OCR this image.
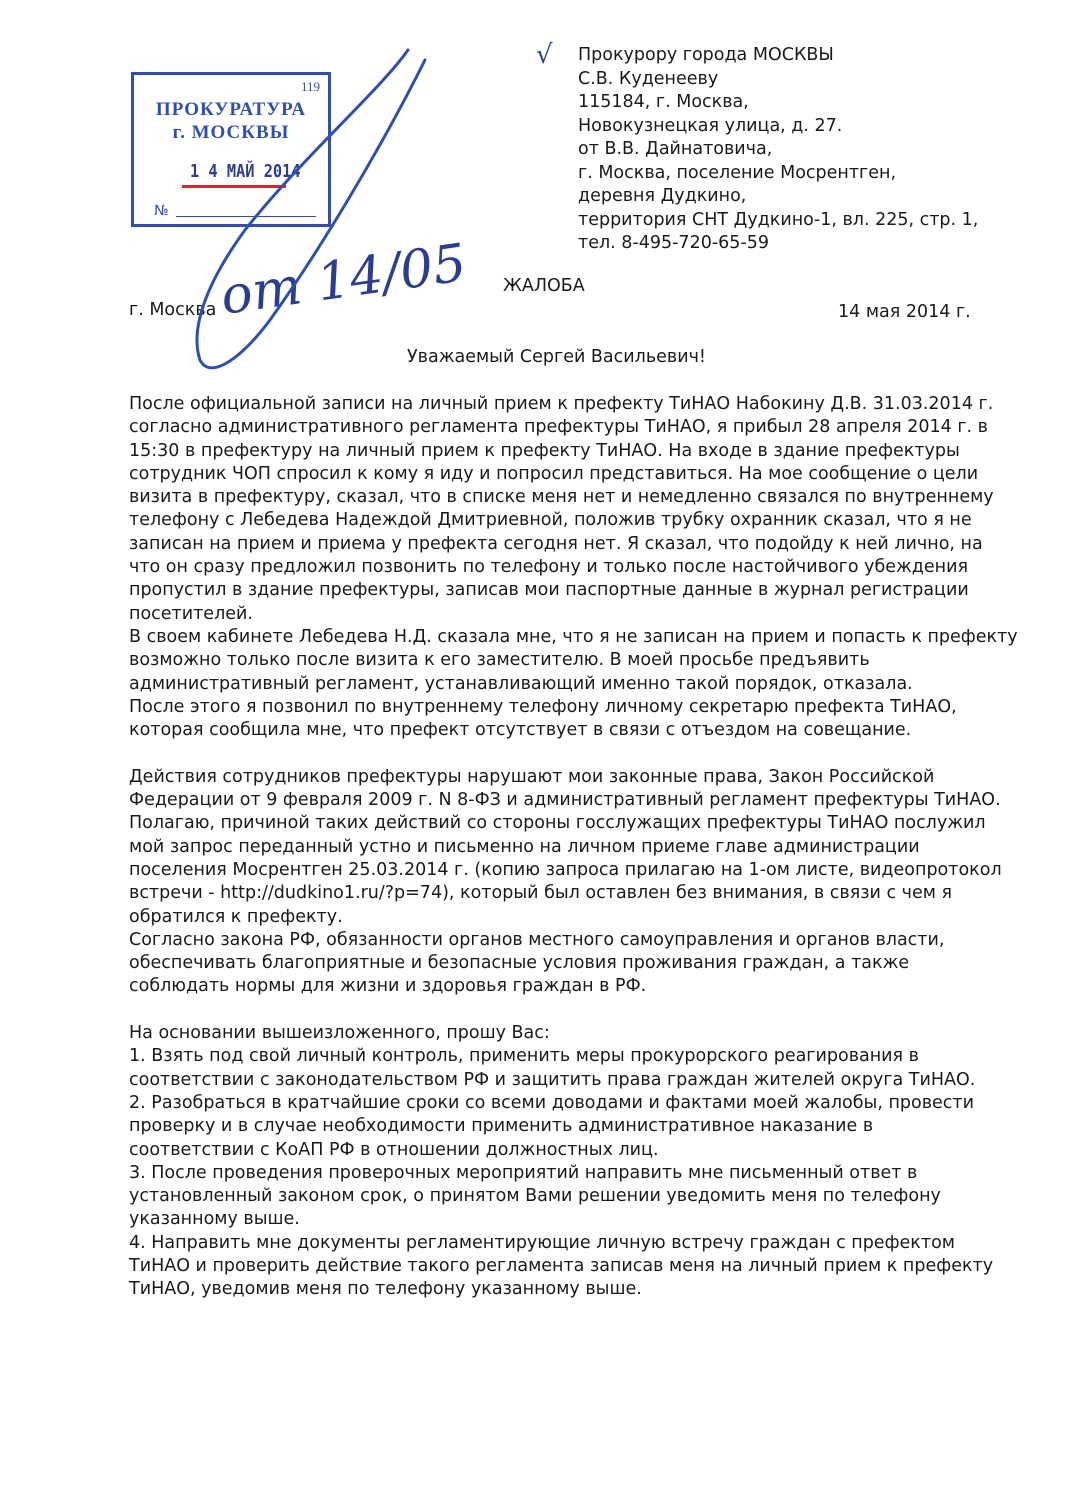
119
ПРОКУРАТУРА
г. МОСКВЫ
1 4 МАЙ 2014
№
√ Прокурору города МОСКВЫ
С.В. Куденееву
115184, г. Москва,
Новокузнецкая улица, д. 27.
от В.В. Дайнатовича,
г. Москва, поселение Мосрентген,
деревня Дудкино,
территория СНТ Дудкино-1, вл. 225, стр. 1,
тел. 8-495-720-65-59
от 14/05 ЖАЛОБА
г. Москва	14 мая 2014 г.
Уважаемый Сергей Васильевич!
После официальной записи на личный прием к префекту ТиНАО Набокину Д.В. 31.03.2014 г.
согласно административного регламента префектуры ТиНАО, я прибыл 28 апреля 2014 г. в
15:30 в префектуру на личный прием к префекту ТиНАО. На входе в здание префектуры
сотрудник ЧОП спросил к кому я иду и попросил представиться. На мое сообщение о цели
визита в префектуру, сказал, что в списке меня нет и немедленно связался по внутреннему
телефону с Лебедева Надеждой Дмитриевной, положив трубку охранник сказал, что я не
записан на прием и приема у префекта сегодня нет. Я сказал, что подойду к ней лично, на
что он сразу предложил позвонить по телефону и только после настойчивого убеждения
пропустил в здание префектуры, записав мои паспортные данные в журнал регистрации
посетителей.
В своем кабинете Лебедева Н.Д. сказала мне, что я не записан на прием и попасть к префекту
возможно только после визита к его заместителю. В моей просьбе предъявить
административный регламент, устанавливающий именно такой порядок, отказала.
После этого я позвонил по внутреннему телефону личному секретарю префекта ТиНАО,
которая сообщила мне, что префект отсутствует в связи с отъездом на совещание.
Действия сотрудников префектуры нарушают мои законные права, Закон Российской
Федерации от 9 февраля 2009 г. N 8-ФЗ и административный регламент префектуры ТиНАО.
Полагаю, причиной таких действий со стороны госслужащих префектуры ТиНАО послужил
мой запрос переданный устно и письменно на личном приеме главе администрации
поселения Мосрентген 25.03.2014 г. (копию запроса прилагаю на 1-ом листе, видеопротокол
встречи - http://dudkino1.ru/?p=74), который был оставлен без внимания, в связи с чем я
обратился к префекту.
Согласно закона РФ, обязанности органов местного самоуправления и органов власти,
обеспечивать благоприятные и безопасные условия проживания граждан, а также
соблюдать нормы для жизни и здоровья граждан в РФ.
На основании вышеизложенного, прошу Вас:
1. Взять под свой личный контроль, применить меры прокурорского реагирования в
соответствии с законодательством РФ и защитить права граждан жителей округа ТиНАО.
2. Разобраться в кратчайшие сроки со всеми доводами и фактами моей жалобы, провести
проверку и в случае необходимости применить административное наказание в
соответствии с КоАП РФ в отношении должностных лиц.
3. После проведения проверочных мероприятий направить мне письменный ответ в
установленный законом срок, о принятом Вами решении уведомить меня по телефону
указанному выше.
4. Направить мне документы регламентирующие личную встречу граждан с префектом
ТиНАО и проверить действие такого регламента записав меня на личный прием к префекту
ТиНАО, уведомив меня по телефону указанному выше.
